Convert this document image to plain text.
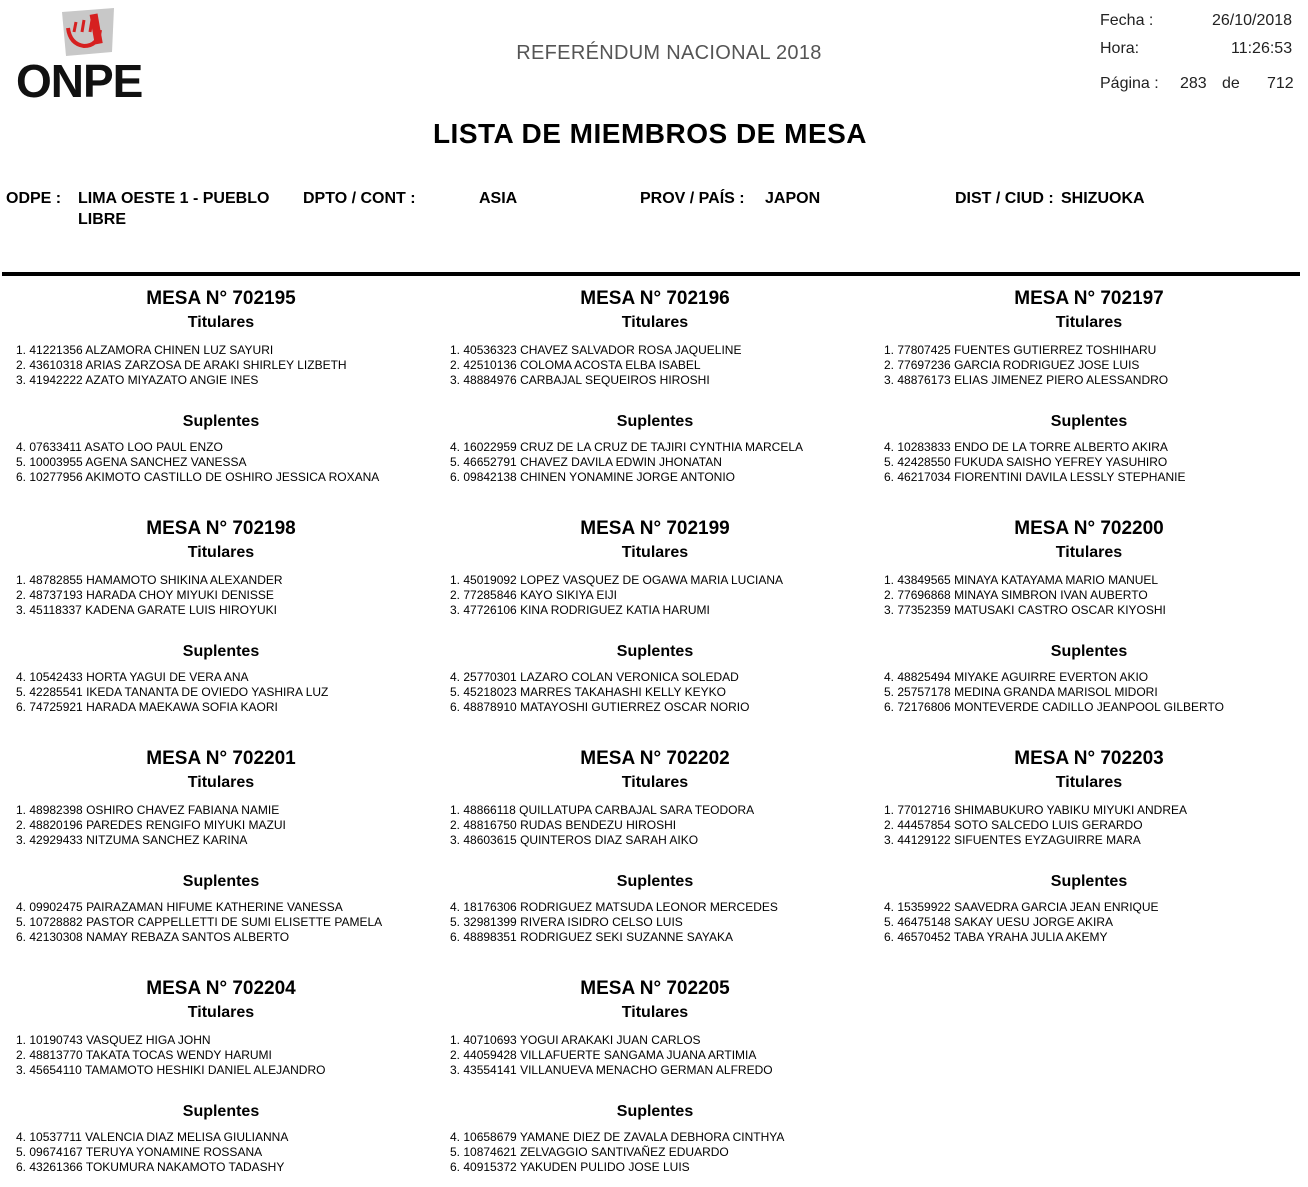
ONPE
REFERÉNDUM NACIONAL 2018
Fecha :	26/10/2018
Hora:	11:26:53
Página : 283 de 712
LISTA DE MIEMBROS DE MESA
ODPE : LIMA OESTE 1 - PUEBLO LIBRE
DPTO / CONT :	ASIA	PROV / PAÍS : JAPON	DIST / CIUD : SHIZUOKA
MESA N° 702195
Titulares
1. 41221356 ALZAMORA CHINEN LUZ SAYURI
2. 43610318 ARIAS ZARZOSA DE ARAKI SHIRLEY LIZBETH
3. 41942222 AZATO MIYAZATO ANGIE INES
Suplentes
4. 07633411 ASATO LOO PAUL ENZO
5. 10003955 AGENA SANCHEZ VANESSA
6. 10277956 AKIMOTO CASTILLO DE OSHIRO JESSICA ROXANA
MESA N° 702196
Titulares
1. 40536323 CHAVEZ SALVADOR ROSA JAQUELINE
2. 42510136 COLOMA ACOSTA ELBA ISABEL
3. 48884976 CARBAJAL SEQUEIROS HIROSHI
Suplentes
4. 16022959 CRUZ DE LA CRUZ DE TAJIRI CYNTHIA MARCELA
5. 46652791 CHAVEZ DAVILA EDWIN JHONATAN
6. 09842138 CHINEN YONAMINE JORGE ANTONIO
MESA N° 702197
Titulares
1. 77807425 FUENTES GUTIERREZ TOSHIHARU
2. 77697236 GARCIA RODRIGUEZ JOSE LUIS
3. 48876173 ELIAS JIMENEZ PIERO ALESSANDRO
Suplentes
4. 10283833 ENDO DE LA TORRE ALBERTO AKIRA
5. 42428550 FUKUDA SAISHO YEFREY YASUHIRO
6. 46217034 FIORENTINI DAVILA LESSLY STEPHANIE
MESA N° 702198
Titulares
1. 48782855 HAMAMOTO SHIKINA ALEXANDER
2. 48737193 HARADA CHOY MIYUKI DENISSE
3. 45118337 KADENA GARATE LUIS HIROYUKI
Suplentes
4. 10542433 HORTA YAGUI DE VERA ANA
5. 42285541 IKEDA TANANTA DE OVIEDO YASHIRA LUZ
6. 74725921 HARADA MAEKAWA SOFIA KAORI
MESA N° 702199
Titulares
1. 45019092 LOPEZ VASQUEZ DE OGAWA MARIA LUCIANA
2. 77285846 KAYO SIKIYA EIJI
3. 47726106 KINA RODRIGUEZ KATIA HARUMI
Suplentes
4. 25770301 LAZARO COLAN VERONICA SOLEDAD
5. 45218023 MARRES TAKAHASHI KELLY KEYKO
6. 48878910 MATAYOSHI GUTIERREZ OSCAR NORIO
MESA N° 702200
Titulares
1. 43849565 MINAYA KATAYAMA MARIO MANUEL
2. 77696868 MINAYA SIMBRON IVAN AUBERTO
3. 77352359 MATUSAKI CASTRO OSCAR KIYOSHI
Suplentes
4. 48825494 MIYAKE AGUIRRE EVERTON AKIO
5. 25757178 MEDINA GRANDA MARISOL MIDORI
6. 72176806 MONTEVERDE CADILLO JEANPOOL GILBERTO
MESA N° 702201
Titulares
1. 48982398 OSHIRO CHAVEZ FABIANA NAMIE
2. 48820196 PAREDES RENGIFO MIYUKI MAZUI
3. 42929433 NITZUMA SANCHEZ KARINA
Suplentes
4. 09902475 PAIRAZAMAN HIFUME KATHERINE VANESSA
5. 10728882 PASTOR CAPPELLETTI DE SUMI ELISETTE PAMELA
6. 42130308 NAMAY REBAZA SANTOS ALBERTO
MESA N° 702202
Titulares
1. 48866118 QUILLATUPA CARBAJAL SARA TEODORA
2. 48816750 RUDAS BENDEZU HIROSHI
3. 48603615 QUINTEROS DIAZ SARAH AIKO
Suplentes
4. 18176306 RODRIGUEZ MATSUDA LEONOR MERCEDES
5. 32981399 RIVERA ISIDRO CELSO LUIS
6. 48898351 RODRIGUEZ SEKI SUZANNE SAYAKA
MESA N° 702203
Titulares
1. 77012716 SHIMABUKURO YABIKU MIYUKI ANDREA
2. 44457854 SOTO SALCEDO LUIS GERARDO
3. 44129122 SIFUENTES EYZAGUIRRE MARA
Suplentes
4. 15359922 SAAVEDRA GARCIA JEAN ENRIQUE
5. 46475148 SAKAY UESU JORGE AKIRA
6. 46570452 TABA YRAHA JULIA AKEMY
MESA N° 702204
Titulares
1. 10190743 VASQUEZ HIGA JOHN
2. 48813770 TAKATA TOCAS WENDY HARUMI
3. 45654110 TAMAMOTO HESHIKI DANIEL ALEJANDRO
Suplentes
4. 10537711 VALENCIA DIAZ MELISA GIULIANNA
5. 09674167 TERUYA YONAMINE ROSSANA
6. 43261366 TOKUMURA NAKAMOTO TADASHY
MESA N° 702205
Titulares
1. 40710693 YOGUI ARAKAKI JUAN CARLOS
2. 44059428 VILLAFUERTE SANGAMA JUANA ARTIMIA
3. 43554141 VILLANUEVA MENACHO GERMAN ALFREDO
Suplentes
4. 10658679 YAMANE DIEZ DE ZAVALA DEBHORA CINTHYA
5. 10874621 ZELVAGGIO SANTIVAÑEZ EDUARDO
6. 40915372 YAKUDEN PULIDO JOSE LUIS
